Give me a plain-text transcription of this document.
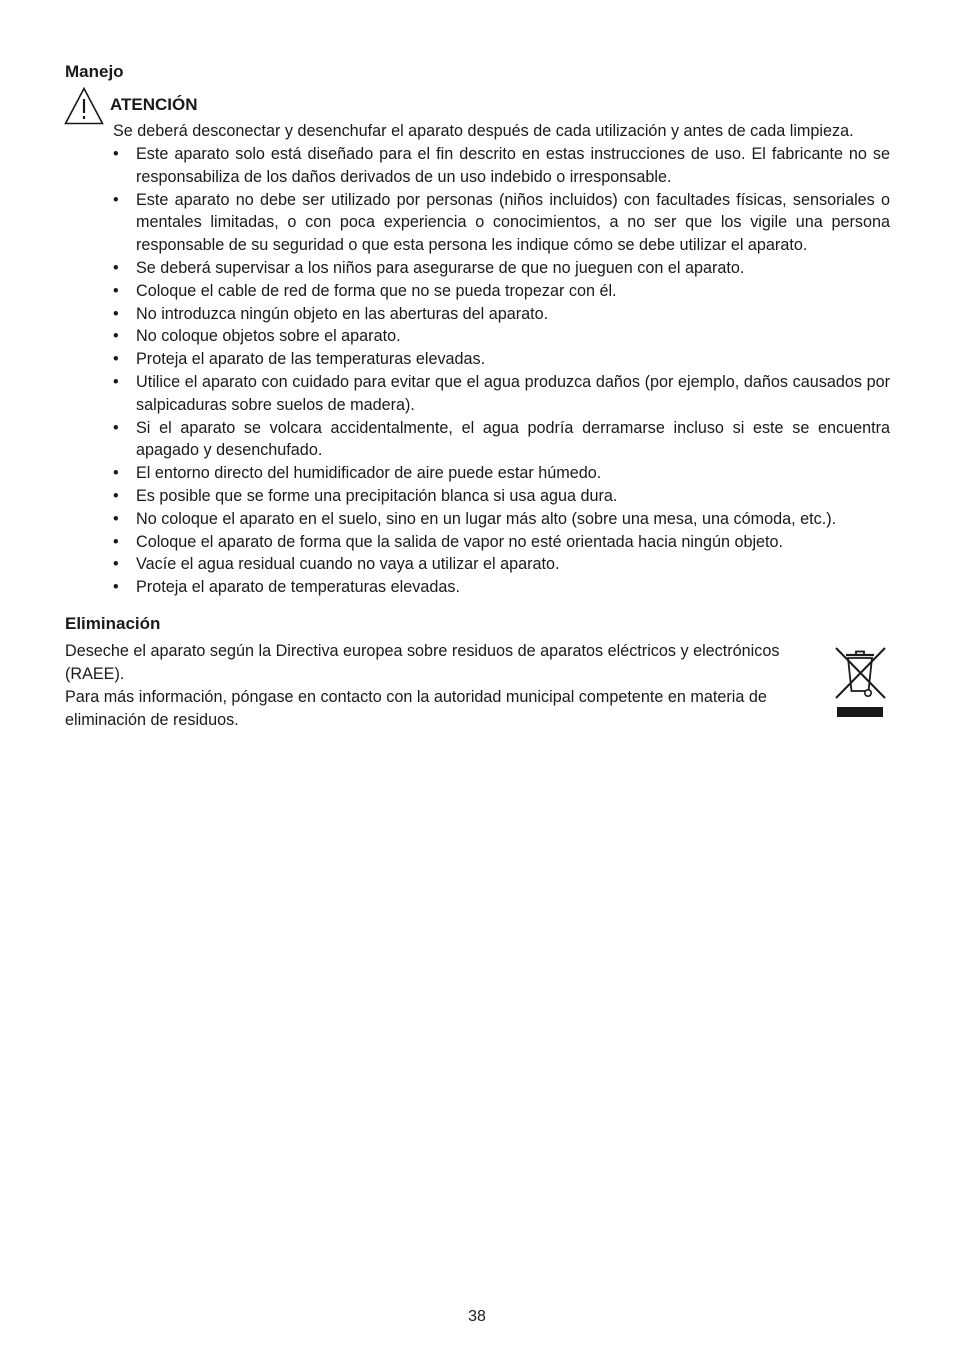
Manejo
ATENCIÓN
Se deberá desconectar y desenchufar el aparato después de cada utilización y antes de cada limpieza.
• Este aparato solo está diseñado para el fin descrito en estas instrucciones de uso. El fabricante no se responsabiliza de los daños derivados de un uso indebido o irresponsable.
• Este aparato no debe ser utilizado por personas (niños incluidos) con facultades físicas, sensoriales o mentales limitadas, o con poca experiencia o conocimientos, a no ser que los vigile una persona responsable de su seguridad o que esta persona les indique cómo se debe utilizar el aparato.
• Se deberá supervisar a los niños para asegurarse de que no jueguen con el aparato.
• Coloque el cable de red de forma que no se pueda tropezar con él.
• No introduzca ningún objeto en las aberturas del aparato.
• No coloque objetos sobre el aparato.
• Proteja el aparato de las temperaturas elevadas.
• Utilice el aparato con cuidado para evitar que el agua produzca daños (por ejemplo, daños causados por salpicaduras sobre suelos de madera).
• Si el aparato se volcara accidentalmente, el agua podría derramarse incluso si este se encuentra apagado y desenchufado.
• El entorno directo del humidificador de aire puede estar húmedo.
• Es posible que se forme una precipitación blanca si usa agua dura.
• No coloque el aparato en el suelo, sino en un lugar más alto (sobre una mesa, una cómoda, etc.).
• Coloque el aparato de forma que la salida de vapor no esté orientada hacia ningún objeto.
• Vacíe el agua residual cuando no vaya a utilizar el aparato.
• Proteja el aparato de temperaturas elevadas.
Eliminación

Deseche el aparato según la Directiva europea sobre residuos de aparatos eléctricos y electrónicos (RAEE).

Para más información, póngase en contacto con la autoridad municipal competente en materia de eliminación de residuos.

38
